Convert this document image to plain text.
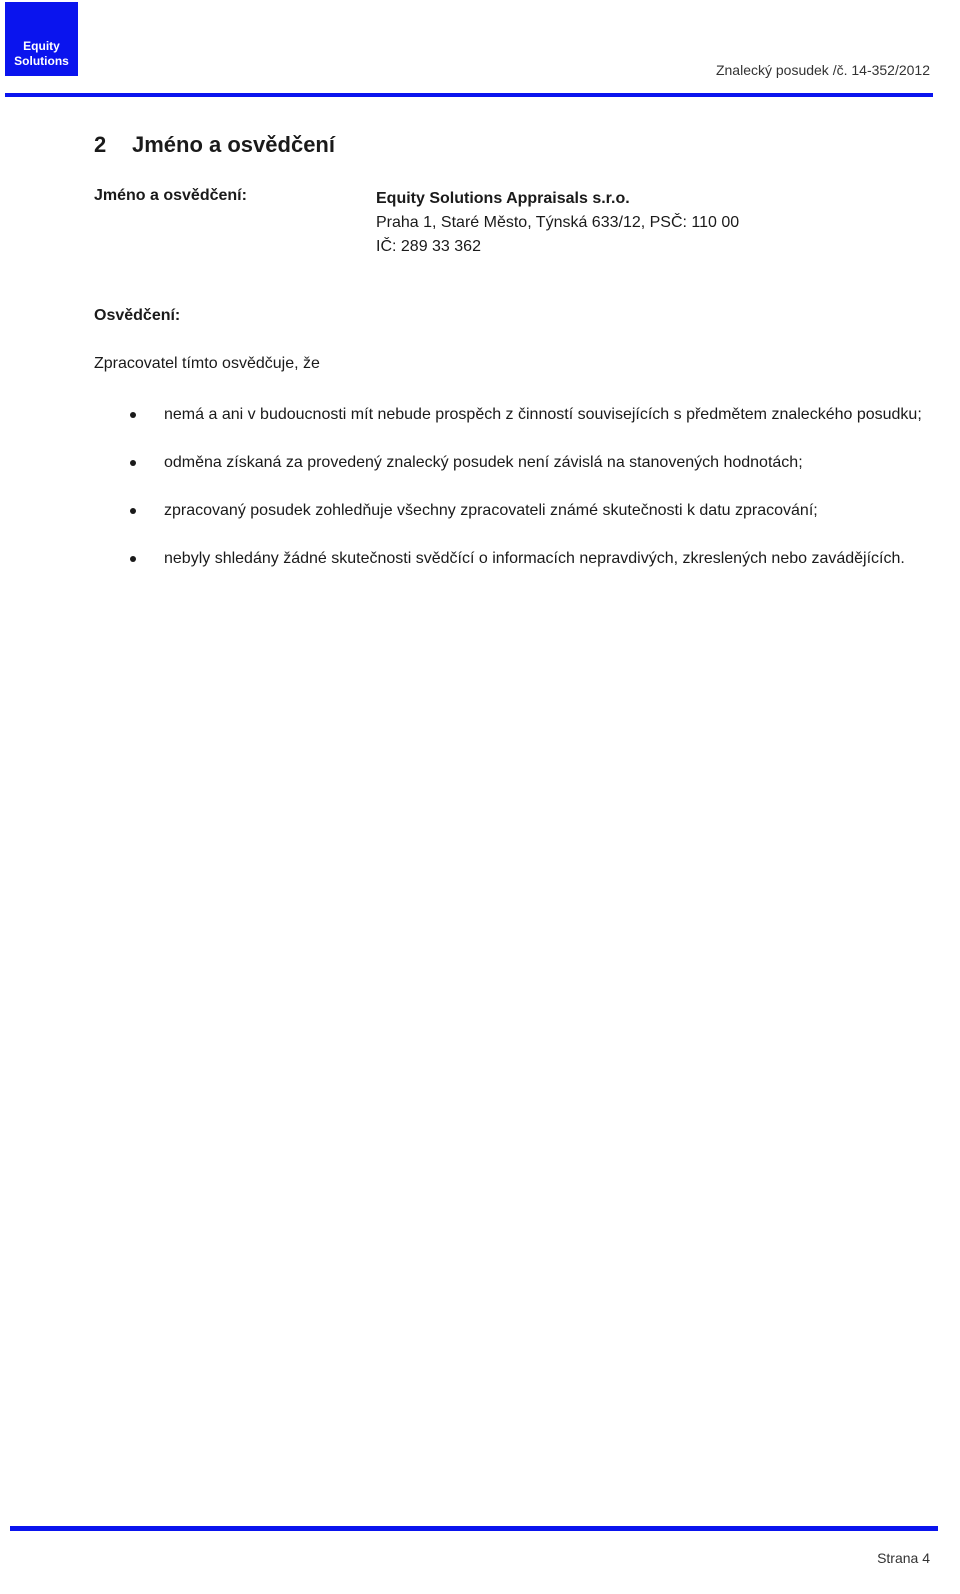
Equity
Solutions
Znalecký posudek /č. 14-352/2012
2 Jméno a osvědčení
Jméno a osvědčení:	Equity Solutions Appraisals s.r.o.
Praha 1, Staré Město, Týnská 633/12, PSČ: 110 00
IČ: 289 33 362
Osvědčení:
Zpracovatel tímto osvědčuje, že
nemá a ani v budoucnosti mít nebude prospěch z činností souvisejících s předmětem znaleckého posudku;
odměna získaná za provedený znalecký posudek není závislá na stanovených hodnotách;
zpracovaný posudek zohledňuje všechny zpracovateli známé skutečnosti k datu zpracování;
nebyly shledány žádné skutečnosti svědčící o informacích nepravdivých, zkreslených nebo zavádějících.
Strana 4
